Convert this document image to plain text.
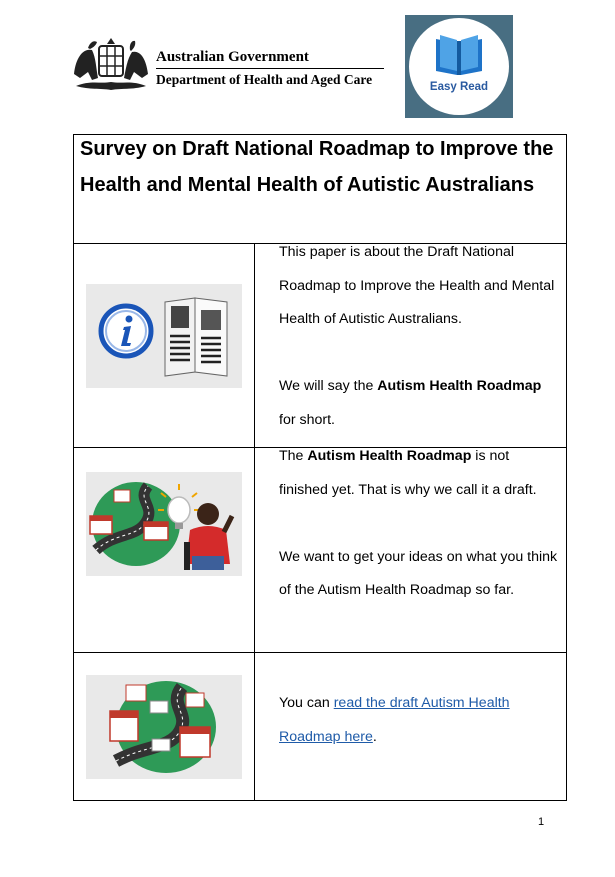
Australian Government
Department of Health and Aged Care	Easy Read
Survey on Draft National Roadmap to Improve the Health and Mental Health of Autistic Australians	

This paper is about the Draft National Roadmap to Improve the Health and Mental Health of Autistic Australians.

We will say the Autism Health Roadmap for short.

The Autism Health Roadmap is not finished yet. That is why we call it a draft.

We want to get your ideas on what you think of the Autism Health Roadmap so far.

You can read the draft Autism Health Roadmap here.

1
